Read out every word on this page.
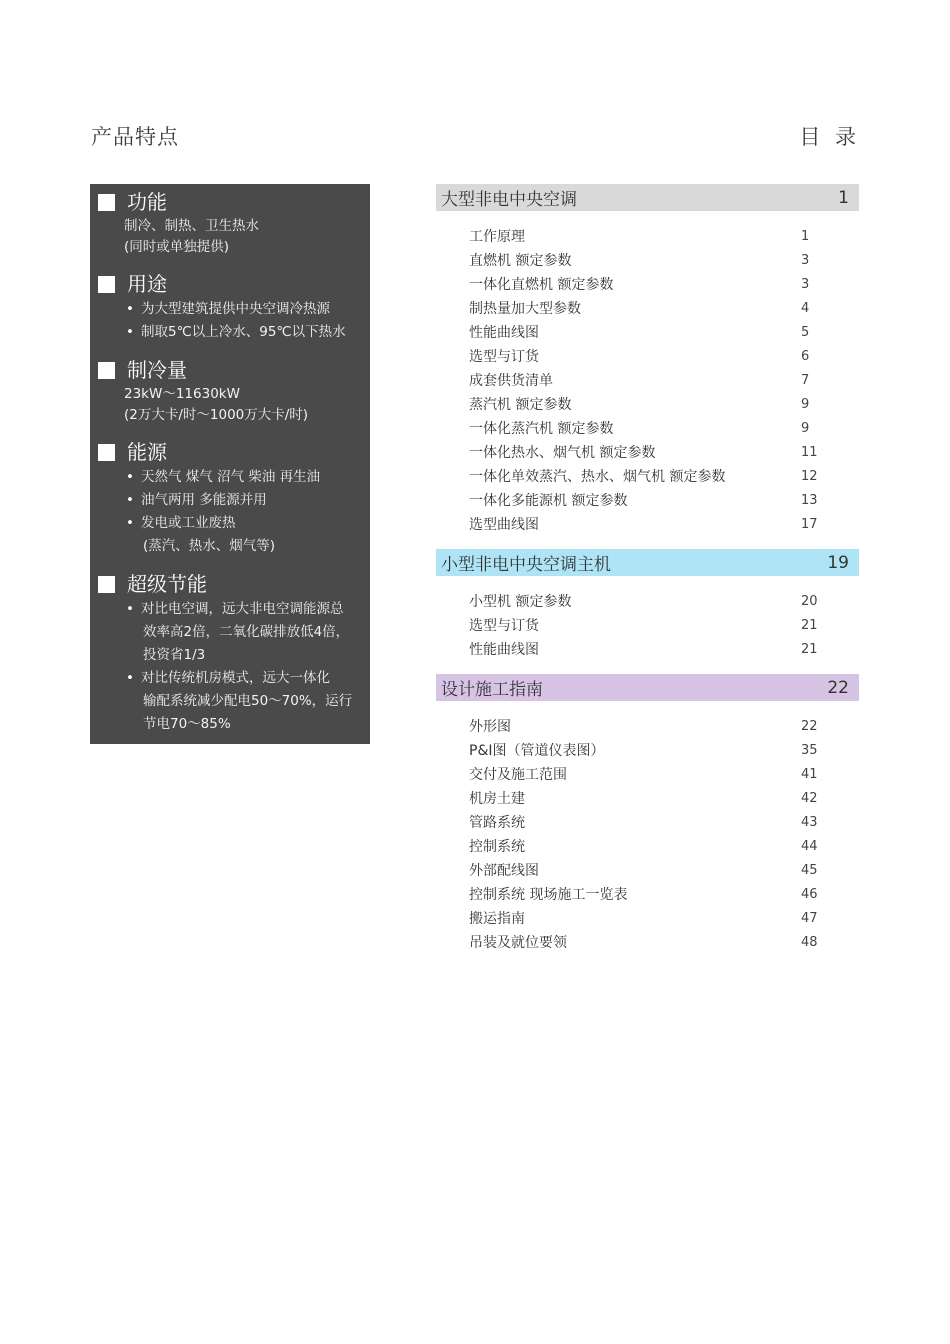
产品特点	目 录
功能
制冷、制热、卫生热水
(同时或单独提供)
用途
• 为大型建筑提供中央空调冷热源
• 制取5℃以上冷水、95℃以下热水
制冷量
23kW～11630kW
(2万大卡/时～1000万大卡/时)
能源
• 天然气 煤气 沼气 柴油 再生油
• 油气两用 多能源并用
• 发电或工业废热
(蒸汽、热水、烟气等)
超级节能
• 对比电空调，远大非电空调能源总
效率高2倍，二氧化碳排放低4倍，
投资省1/3
• 对比传统机房模式，远大一体化
输配系统减少配电50～70%，运行
节电70～85%
大型非电中央空调	1
工作原理	1
直燃机 额定参数	3
一体化直燃机 额定参数	3
制热量加大型参数	4
性能曲线图	5
选型与订货	6
成套供货清单	7
蒸汽机 额定参数	9
一体化蒸汽机 额定参数	9
一体化热水、烟气机 额定参数	11
一体化单效蒸汽、热水、烟气机 额定参数	12
一体化多能源机 额定参数	13
选型曲线图	17
小型非电中央空调主机	19
小型机 额定参数	20
选型与订货	21
性能曲线图	21
设计施工指南	22
外形图	22
P&I图（管道仪表图）	35
交付及施工范围	41
机房土建	42
管路系统	43
控制系统	44
外部配线图	45
控制系统 现场施工一览表	46
搬运指南	47
吊装及就位要领	48
